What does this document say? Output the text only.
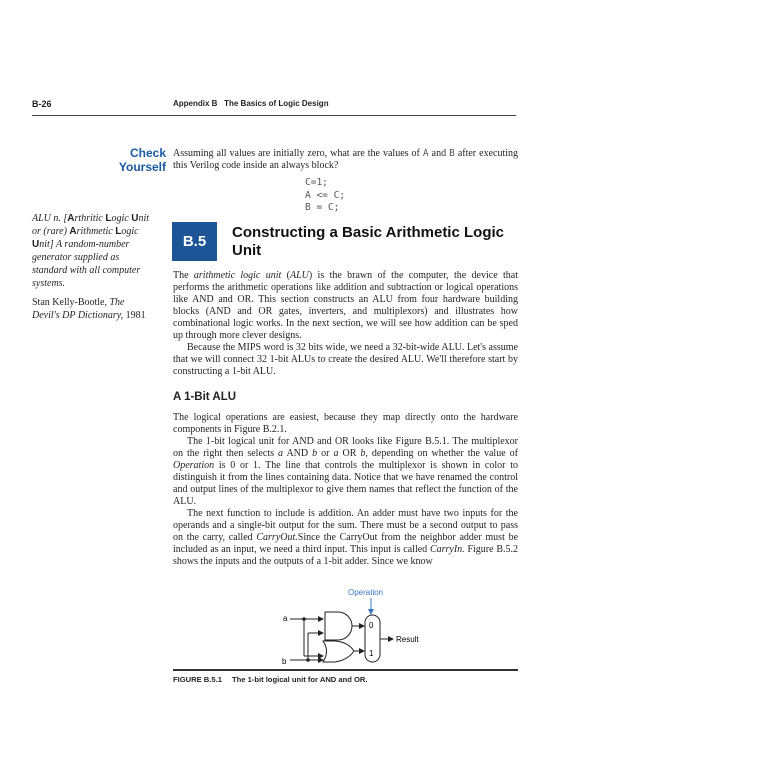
B-26	Appendix B   The Basics of Logic Design
Check
Yourself
Assuming all values are initially zero, what are the values of A and B after executing this Verilog code inside an always block?
C=1;
A <= C;
B = C;
ALU n. [Arthritic Logic Unit or (rare) Arithmetic Logic Unit] A random-number generator supplied as standard with all computer systems.
Stan Kelly-Bootle, The Devil's DP Dictionary, 1981
B.5
Constructing a Basic Arithmetic Logic Unit
The arithmetic logic unit (ALU) is the brawn of the computer, the device that performs the arithmetic operations like addition and subtraction or logical operations like AND and OR. This section constructs an ALU from four hardware building blocks (AND and OR gates, inverters, and multiplexors) and illustrates how combinational logic works. In the next section, we will see how addition can be sped up through more clever designs.
Because the MIPS word is 32 bits wide, we need a 32-bit-wide ALU. Let's assume that we will connect 32 1-bit ALUs to create the desired ALU. We'll therefore start by constructing a 1-bit ALU.
A 1-Bit ALU
The logical operations are easiest, because they map directly onto the hardware components in Figure B.2.1.
The 1-bit logical unit for AND and OR looks like Figure B.5.1. The multiplexor on the right then selects a AND b or a OR b, depending on whether the value of Operation is 0 or 1. The line that controls the multiplexor is shown in color to distinguish it from the lines containing data. Notice that we have renamed the control and output lines of the multiplexor to give them names that reflect the function of the ALU.
The next function to include is addition. An adder must have two inputs for the operands and a single-bit output for the sum. There must be a second output to pass on the carry, called CarryOut.Since the CarryOut from the neighbor adder must be included as an input, we need a third input. This input is called CarryIn. Figure B.5.2 shows the inputs and the outputs of a 1-bit adder. Since we know
Operation
a
b
0
1
Result
FIGURE B.5.1 The 1-bit logical unit for AND and OR.
